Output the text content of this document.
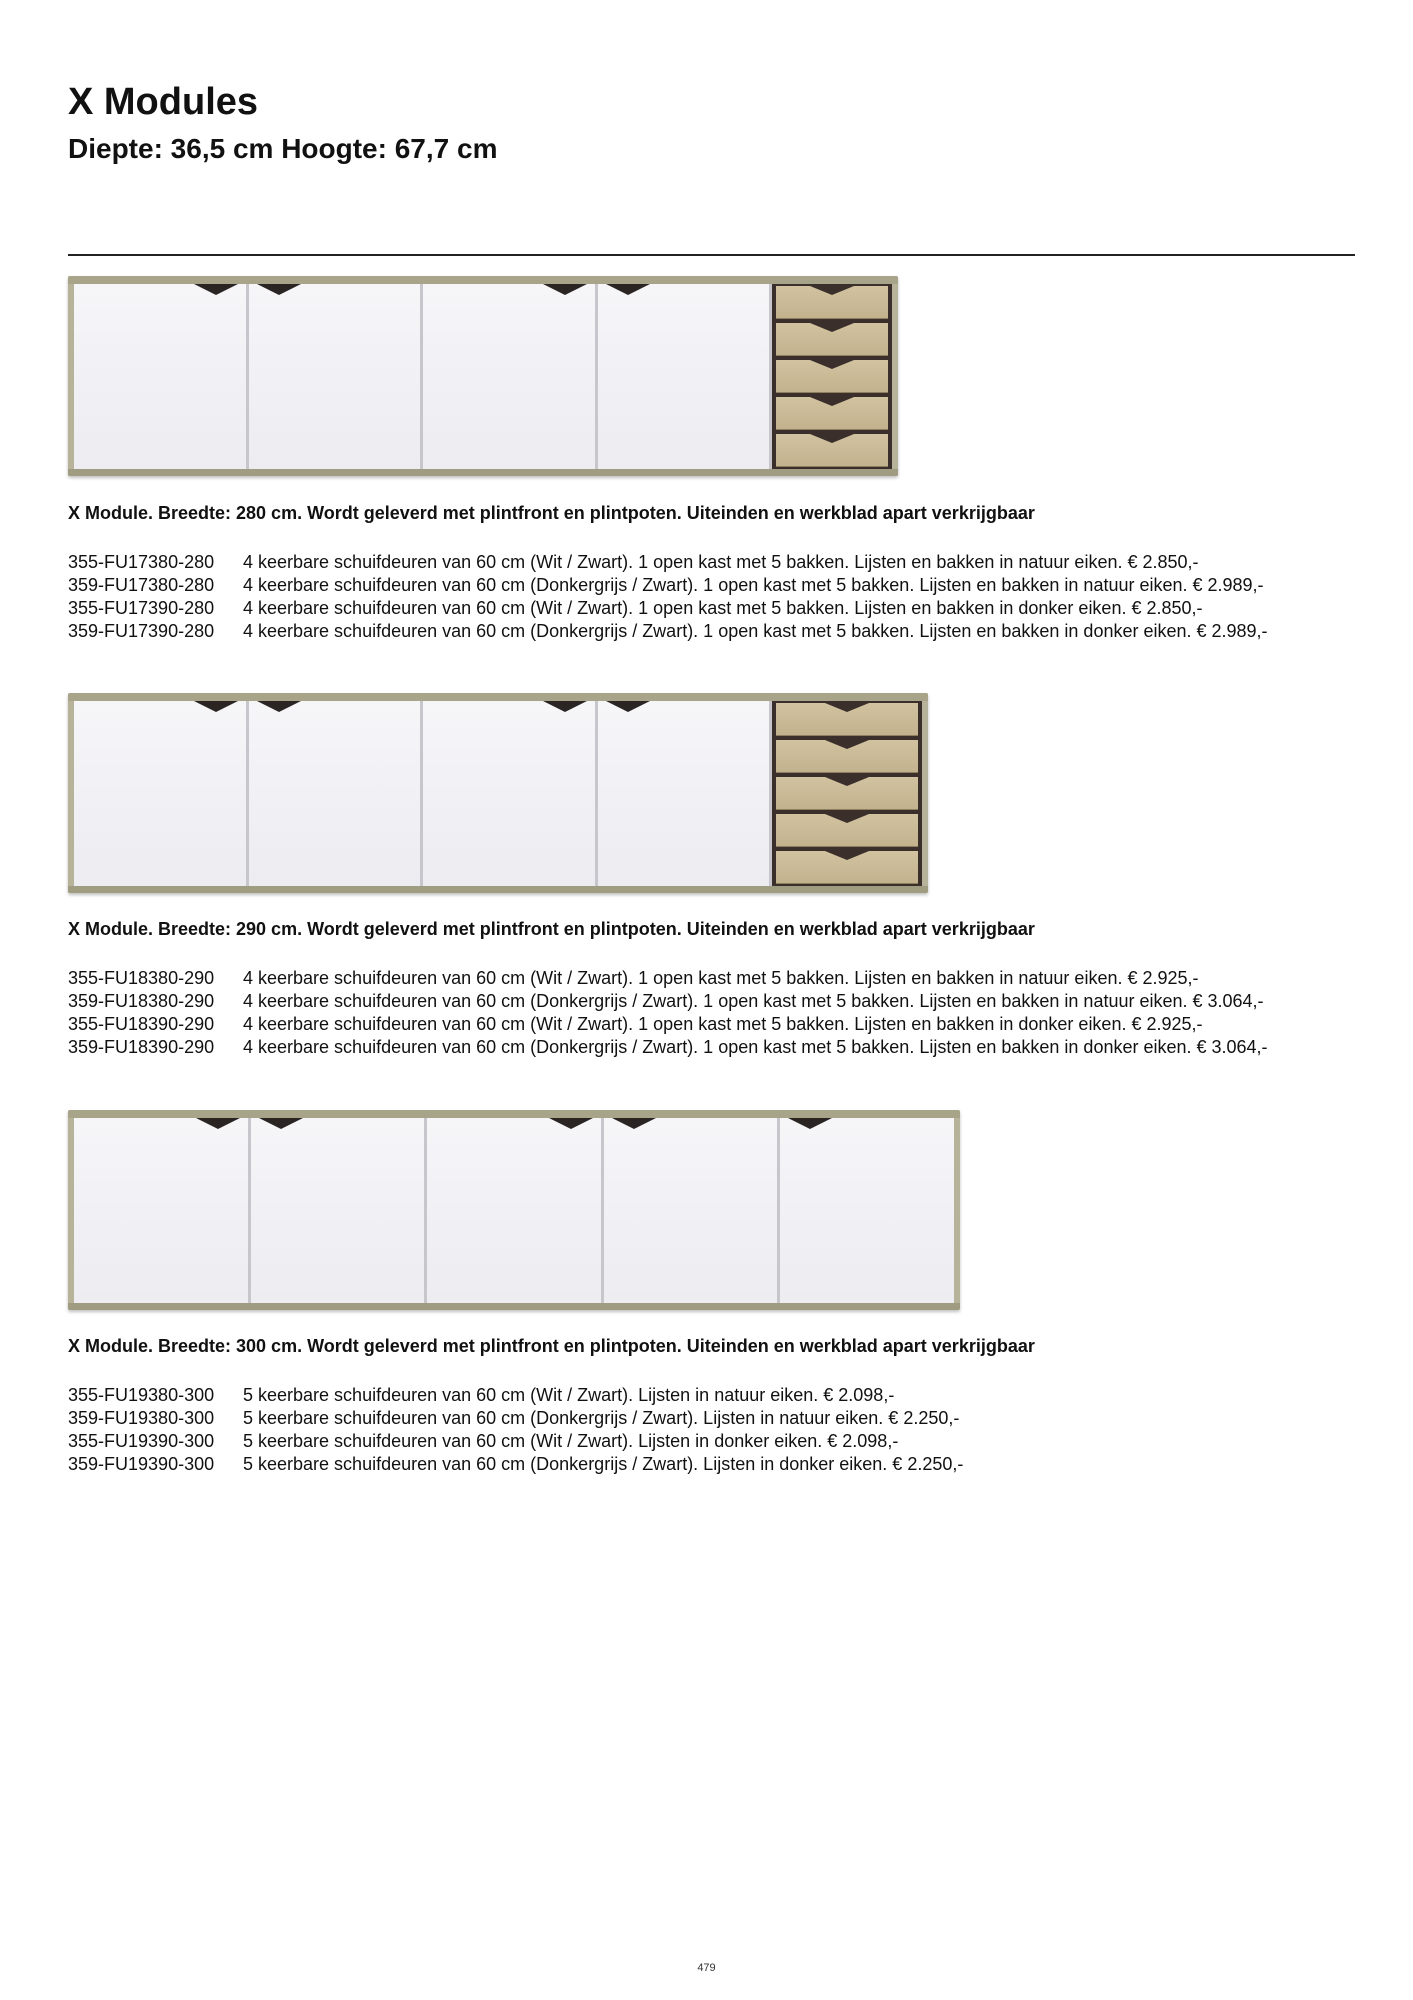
X Modules
Diepte: 36,5 cm Hoogte: 67,7 cm

X Module. Breedte: 280 cm. Wordt geleverd met plintfront en plintpoten. Uiteinden en werkblad apart verkrijgbaar

355-FU17380-280	4 keerbare schuifdeuren van 60 cm (Wit / Zwart). 1 open kast met 5 bakken. Lijsten en bakken in natuur eiken. € 2.850,-
359-FU17380-280	4 keerbare schuifdeuren van 60 cm (Donkergrijs / Zwart). 1 open kast met 5 bakken. Lijsten en bakken in natuur eiken. € 2.989,-
355-FU17390-280	4 keerbare schuifdeuren van 60 cm (Wit / Zwart). 1 open kast met 5 bakken. Lijsten en bakken in donker eiken. € 2.850,-
359-FU17390-280	4 keerbare schuifdeuren van 60 cm (Donkergrijs / Zwart). 1 open kast met 5 bakken. Lijsten en bakken in donker eiken. € 2.989,-

X Module. Breedte: 290 cm. Wordt geleverd met plintfront en plintpoten. Uiteinden en werkblad apart verkrijgbaar

355-FU18380-290	4 keerbare schuifdeuren van 60 cm (Wit / Zwart). 1 open kast met 5 bakken. Lijsten en bakken in natuur eiken. € 2.925,-
359-FU18380-290	4 keerbare schuifdeuren van 60 cm (Donkergrijs / Zwart). 1 open kast met 5 bakken. Lijsten en bakken in natuur eiken. € 3.064,-
355-FU18390-290	4 keerbare schuifdeuren van 60 cm (Wit / Zwart). 1 open kast met 5 bakken. Lijsten en bakken in donker eiken. € 2.925,-
359-FU18390-290	4 keerbare schuifdeuren van 60 cm (Donkergrijs / Zwart). 1 open kast met 5 bakken. Lijsten en bakken in donker eiken. € 3.064,-

X Module. Breedte: 300 cm. Wordt geleverd met plintfront en plintpoten. Uiteinden en werkblad apart verkrijgbaar

355-FU19380-300	5 keerbare schuifdeuren van 60 cm (Wit / Zwart). Lijsten in natuur eiken. € 2.098,-
359-FU19380-300	5 keerbare schuifdeuren van 60 cm (Donkergrijs / Zwart). Lijsten in natuur eiken. € 2.250,-
355-FU19390-300	5 keerbare schuifdeuren van 60 cm (Wit / Zwart). Lijsten in donker eiken. € 2.098,-
359-FU19390-300	5 keerbare schuifdeuren van 60 cm (Donkergrijs / Zwart). Lijsten in donker eiken. € 2.250,-
479
